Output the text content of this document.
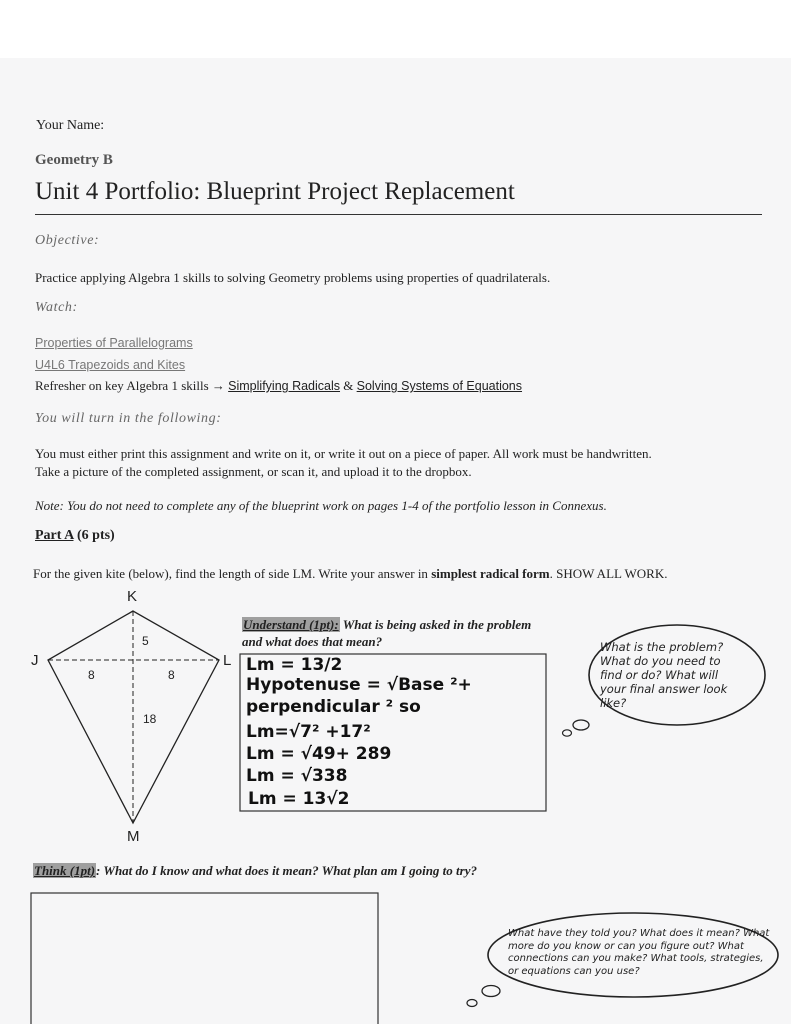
Your Name:
Geometry B
Unit 4 Portfolio: Blueprint Project Replacement
Objective:
Practice applying Algebra 1 skills to solving Geometry problems using properties of quadrilaterals.
Watch:
Properties of Parallelograms
U4L6 Trapezoids and Kites
Refresher on key Algebra 1 skills → Simplifying Radicals & Solving Systems of Equations
You will turn in the following:
You must either print this assignment and write on it, or write it out on a piece of paper. All work must be handwritten.
Take a picture of the completed assignment, or scan it, and upload it to the dropbox.
Note: You do not need to complete any of the blueprint work on pages 1-4 of the portfolio lesson in Connexus.
Part A (6 pts)
For the given kite (below), find the length of side LM. Write your answer in simplest radical form. SHOW ALL WORK.
K
J	L
M
5
8	8
18
Understand (1pt): What is being asked in the problem
and what does that mean?
Lm = 13/2
Hypotenuse = √Base ²+
perpendicular ² so
Lm=√7² +17²
Lm = √49+ 289
Lm = √338
Lm = 13√2
What is the problem? What do you need to find or do? What will your final answer look like?
Think (1pt): What do I know and what does it mean? What plan am I going to try?
What have they told you? What does it mean? What more do you know or can you figure out? What connections can you make? What tools, strategies, or equations can you use?
